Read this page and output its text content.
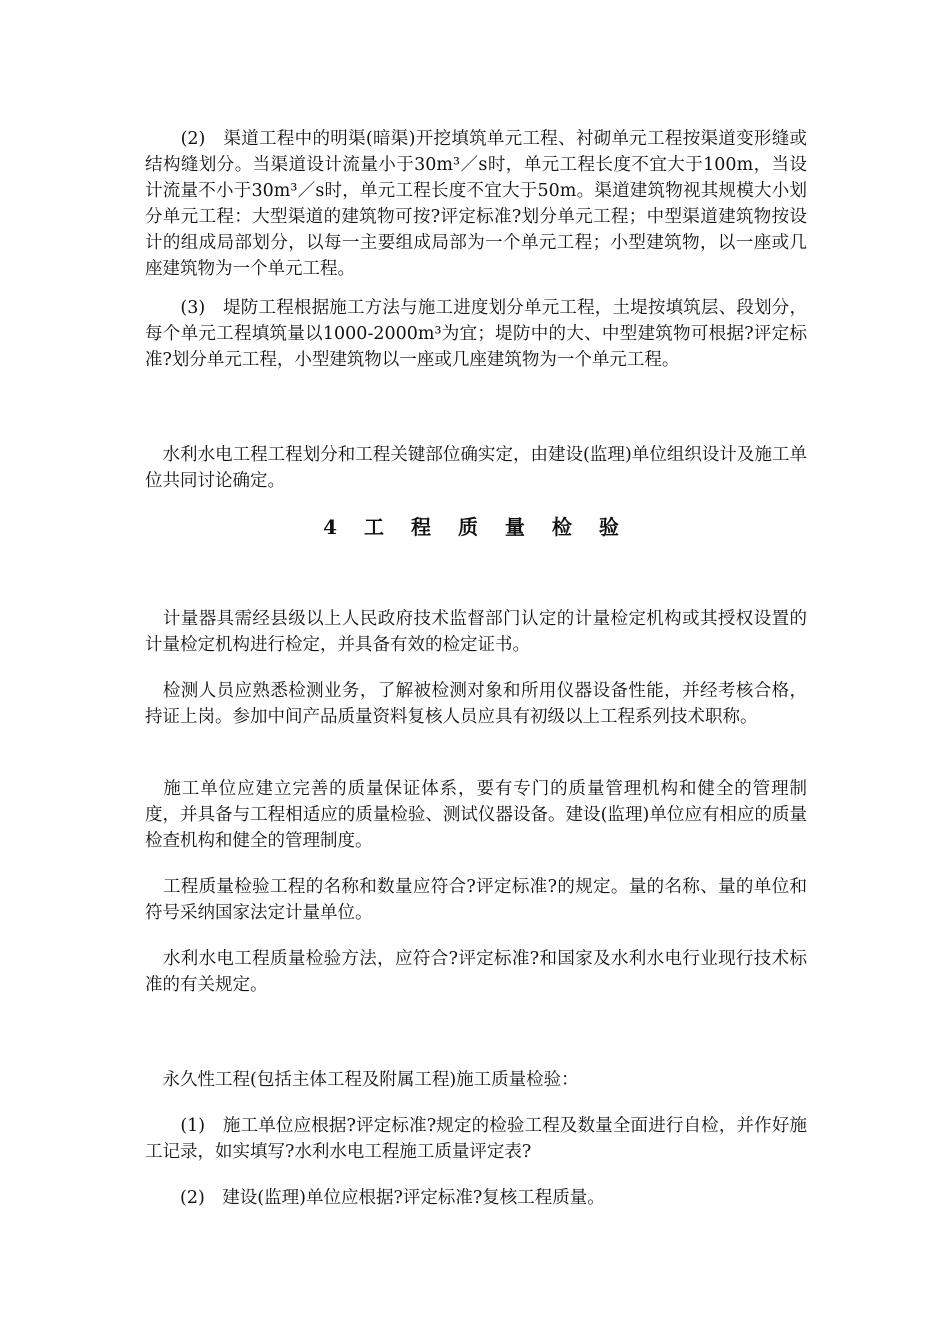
　　(2)　渠道工程中的明渠(暗渠)开挖填筑单元工程、衬砌单元工程按渠道变形缝或结构缝划分。当渠道设计流量小于30m³／s时，单元工程长度不宜大于100m，当设计流量不小于30m³／s时，单元工程长度不宜大于50m。渠道建筑物视其规模大小划分单元工程：大型渠道的建筑物可按?评定标准?划分单元工程；中型渠道建筑物按设计的组成局部划分，以每一主要组成局部为一个单元工程；小型建筑物，以一座或几座建筑物为一个单元工程。

　　(3)　堤防工程根据施工方法与施工进度划分单元工程，土堤按填筑层、段划分，每个单元工程填筑量以1000-2000m³为宜；堤防中的大、中型建筑物可根据?评定标准?划分单元工程，小型建筑物以一座或几座建筑物为一个单元工程。

　水利水电工程工程划分和工程关键部位确实定，由建设(监理)单位组织设计及施工单位共同讨论确定。

4 工 程 质 量 检 验

　计量器具需经县级以上人民政府技术监督部门认定的计量检定机构或其授权设置的计量检定机构进行检定，并具备有效的检定证书。

　检测人员应熟悉检测业务，了解被检测对象和所用仪器设备性能，并经考核合格，持证上岗。参加中间产品质量资料复核人员应具有初级以上工程系列技术职称。

　施工单位应建立完善的质量保证体系，要有专门的质量管理机构和健全的管理制度，并具备与工程相适应的质量检验、测试仪器设备。建设(监理)单位应有相应的质量检查机构和健全的管理制度。

　工程质量检验工程的名称和数量应符合?评定标准?的规定。量的名称、量的单位和符号采纳国家法定计量单位。

　水利水电工程质量检验方法，应符合?评定标准?和国家及水利水电行业现行技术标准的有关规定。

　永久性工程(包括主体工程及附属工程)施工质量检验：

　　(1)　施工单位应根据?评定标准?规定的检验工程及数量全面进行自检，并作好施工记录，如实填写?水利水电工程施工质量评定表?

　　(2)　建设(监理)单位应根据?评定标准?复核工程质量。
